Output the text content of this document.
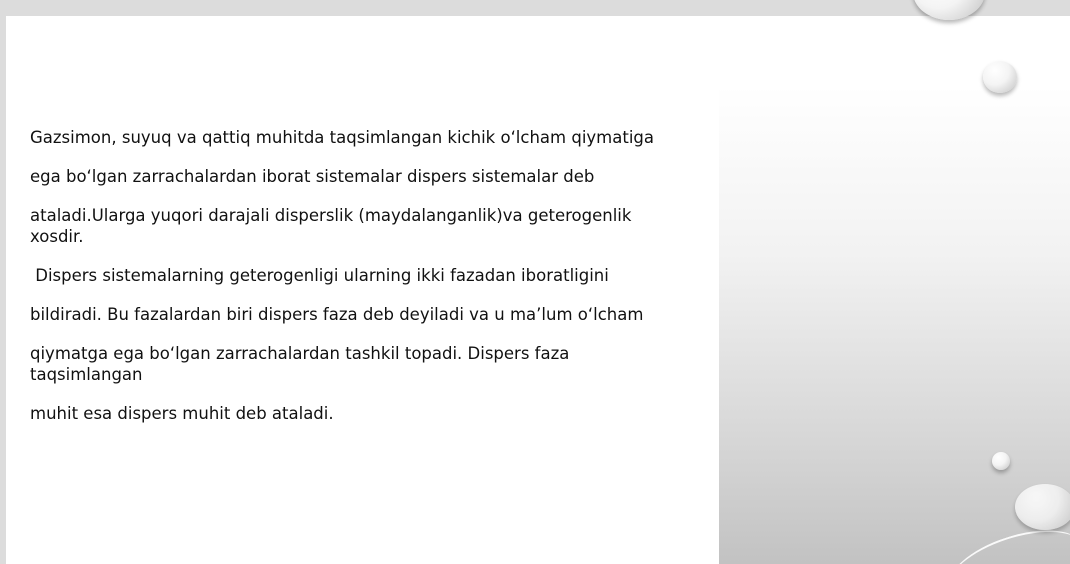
Gazsimon, suyuq va qattiq muhitda taqsimlangan kichik o‘lcham qiymatiga

ega bo‘lgan zarrachalardan iborat sistemalar dispers sistemalar deb

ataladi.Ularga yuqori darajali disperslik (maydalanganlik)va geterogenlik xosdir.

Dispers sistemalarning geterogenligi ularning ikki fazadan iboratligini

bildiradi. Bu fazalardan biri dispers faza deb deyiladi va u ma’lum o‘lcham

qiymatga ega bo‘lgan zarrachalardan tashkil topadi. Dispers faza taqsimlangan

muhit esa dispers muhit deb ataladi.
